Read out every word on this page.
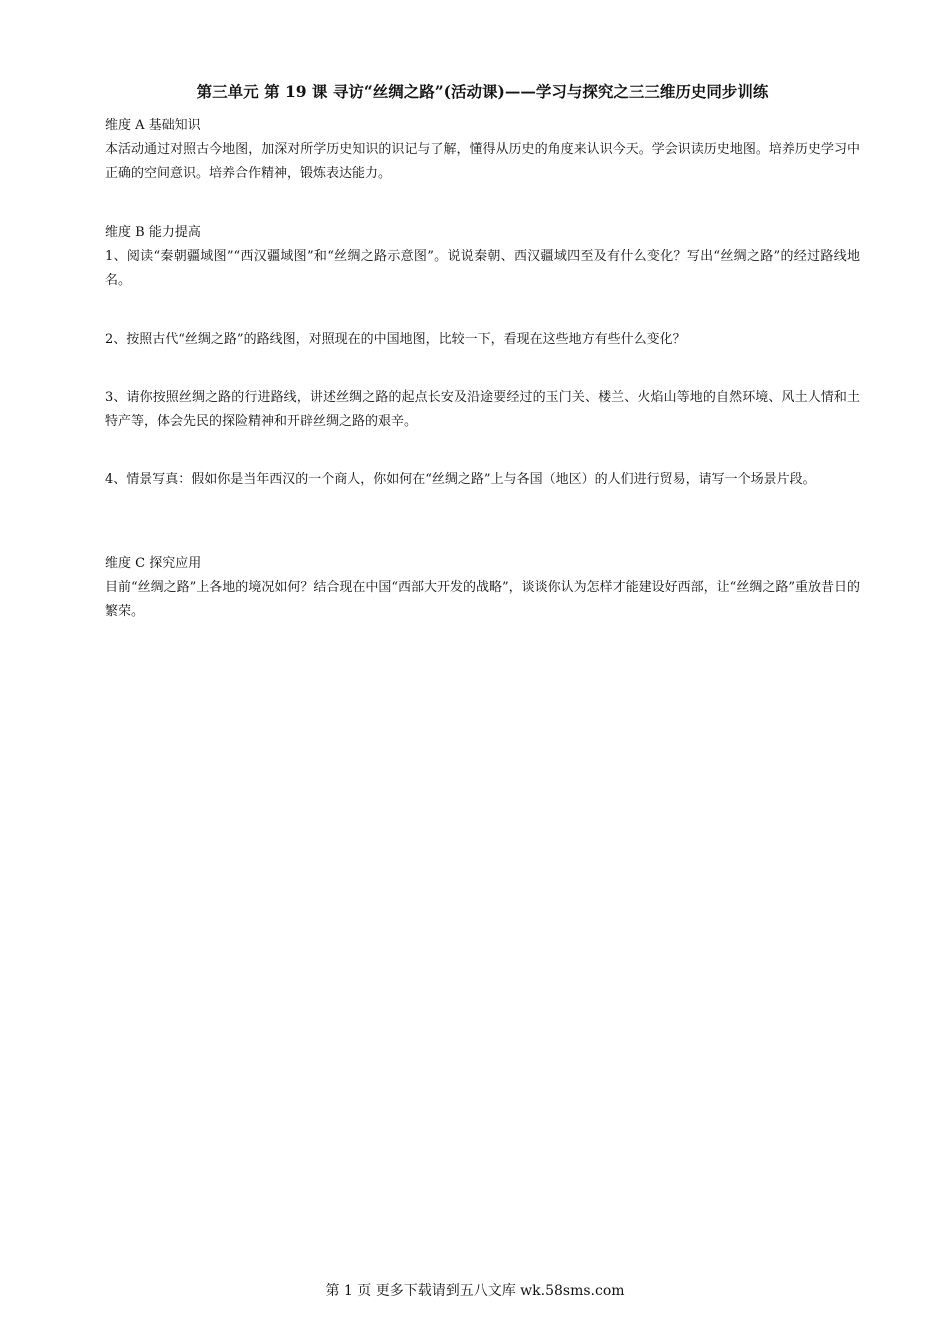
第三单元 第 19 课 寻访“丝绸之路”(活动课)——学习与探究之三三维历史同步训练

维度 A 基础知识

本活动通过对照古今地图，加深对所学历史知识的识记与了解，懂得从历史的角度来认识今天。学会识读历史地图。培养历史学习中正确的空间意识。培养合作精神，锻炼表达能力。

维度 B 能力提高

1、阅读“秦朝疆域图”“西汉疆域图”和“丝绸之路示意图”。说说秦朝、西汉疆域四至及有什么变化？写出“丝绸之路”的经过路线地名。

2、按照古代“丝绸之路”的路线图，对照现在的中国地图，比较一下，看现在这些地方有些什么变化？

3、请你按照丝绸之路的行进路线，讲述丝绸之路的起点长安及沿途要经过的玉门关、楼兰、火焰山等地的自然环境、风土人情和土特产等，体会先民的探险精神和开辟丝绸之路的艰辛。

4、情景写真：假如你是当年西汉的一个商人，你如何在“丝绸之路”上与各国（地区）的人们进行贸易，请写一个场景片段。

维度 C 探究应用

目前“丝绸之路”上各地的境况如何？结合现在中国“西部大开发的战略”，谈谈你认为怎样才能建设好西部，让“丝绸之路”重放昔日的繁荣。

第 1 页 更多下载请到五八文库 wk.58sms.com
